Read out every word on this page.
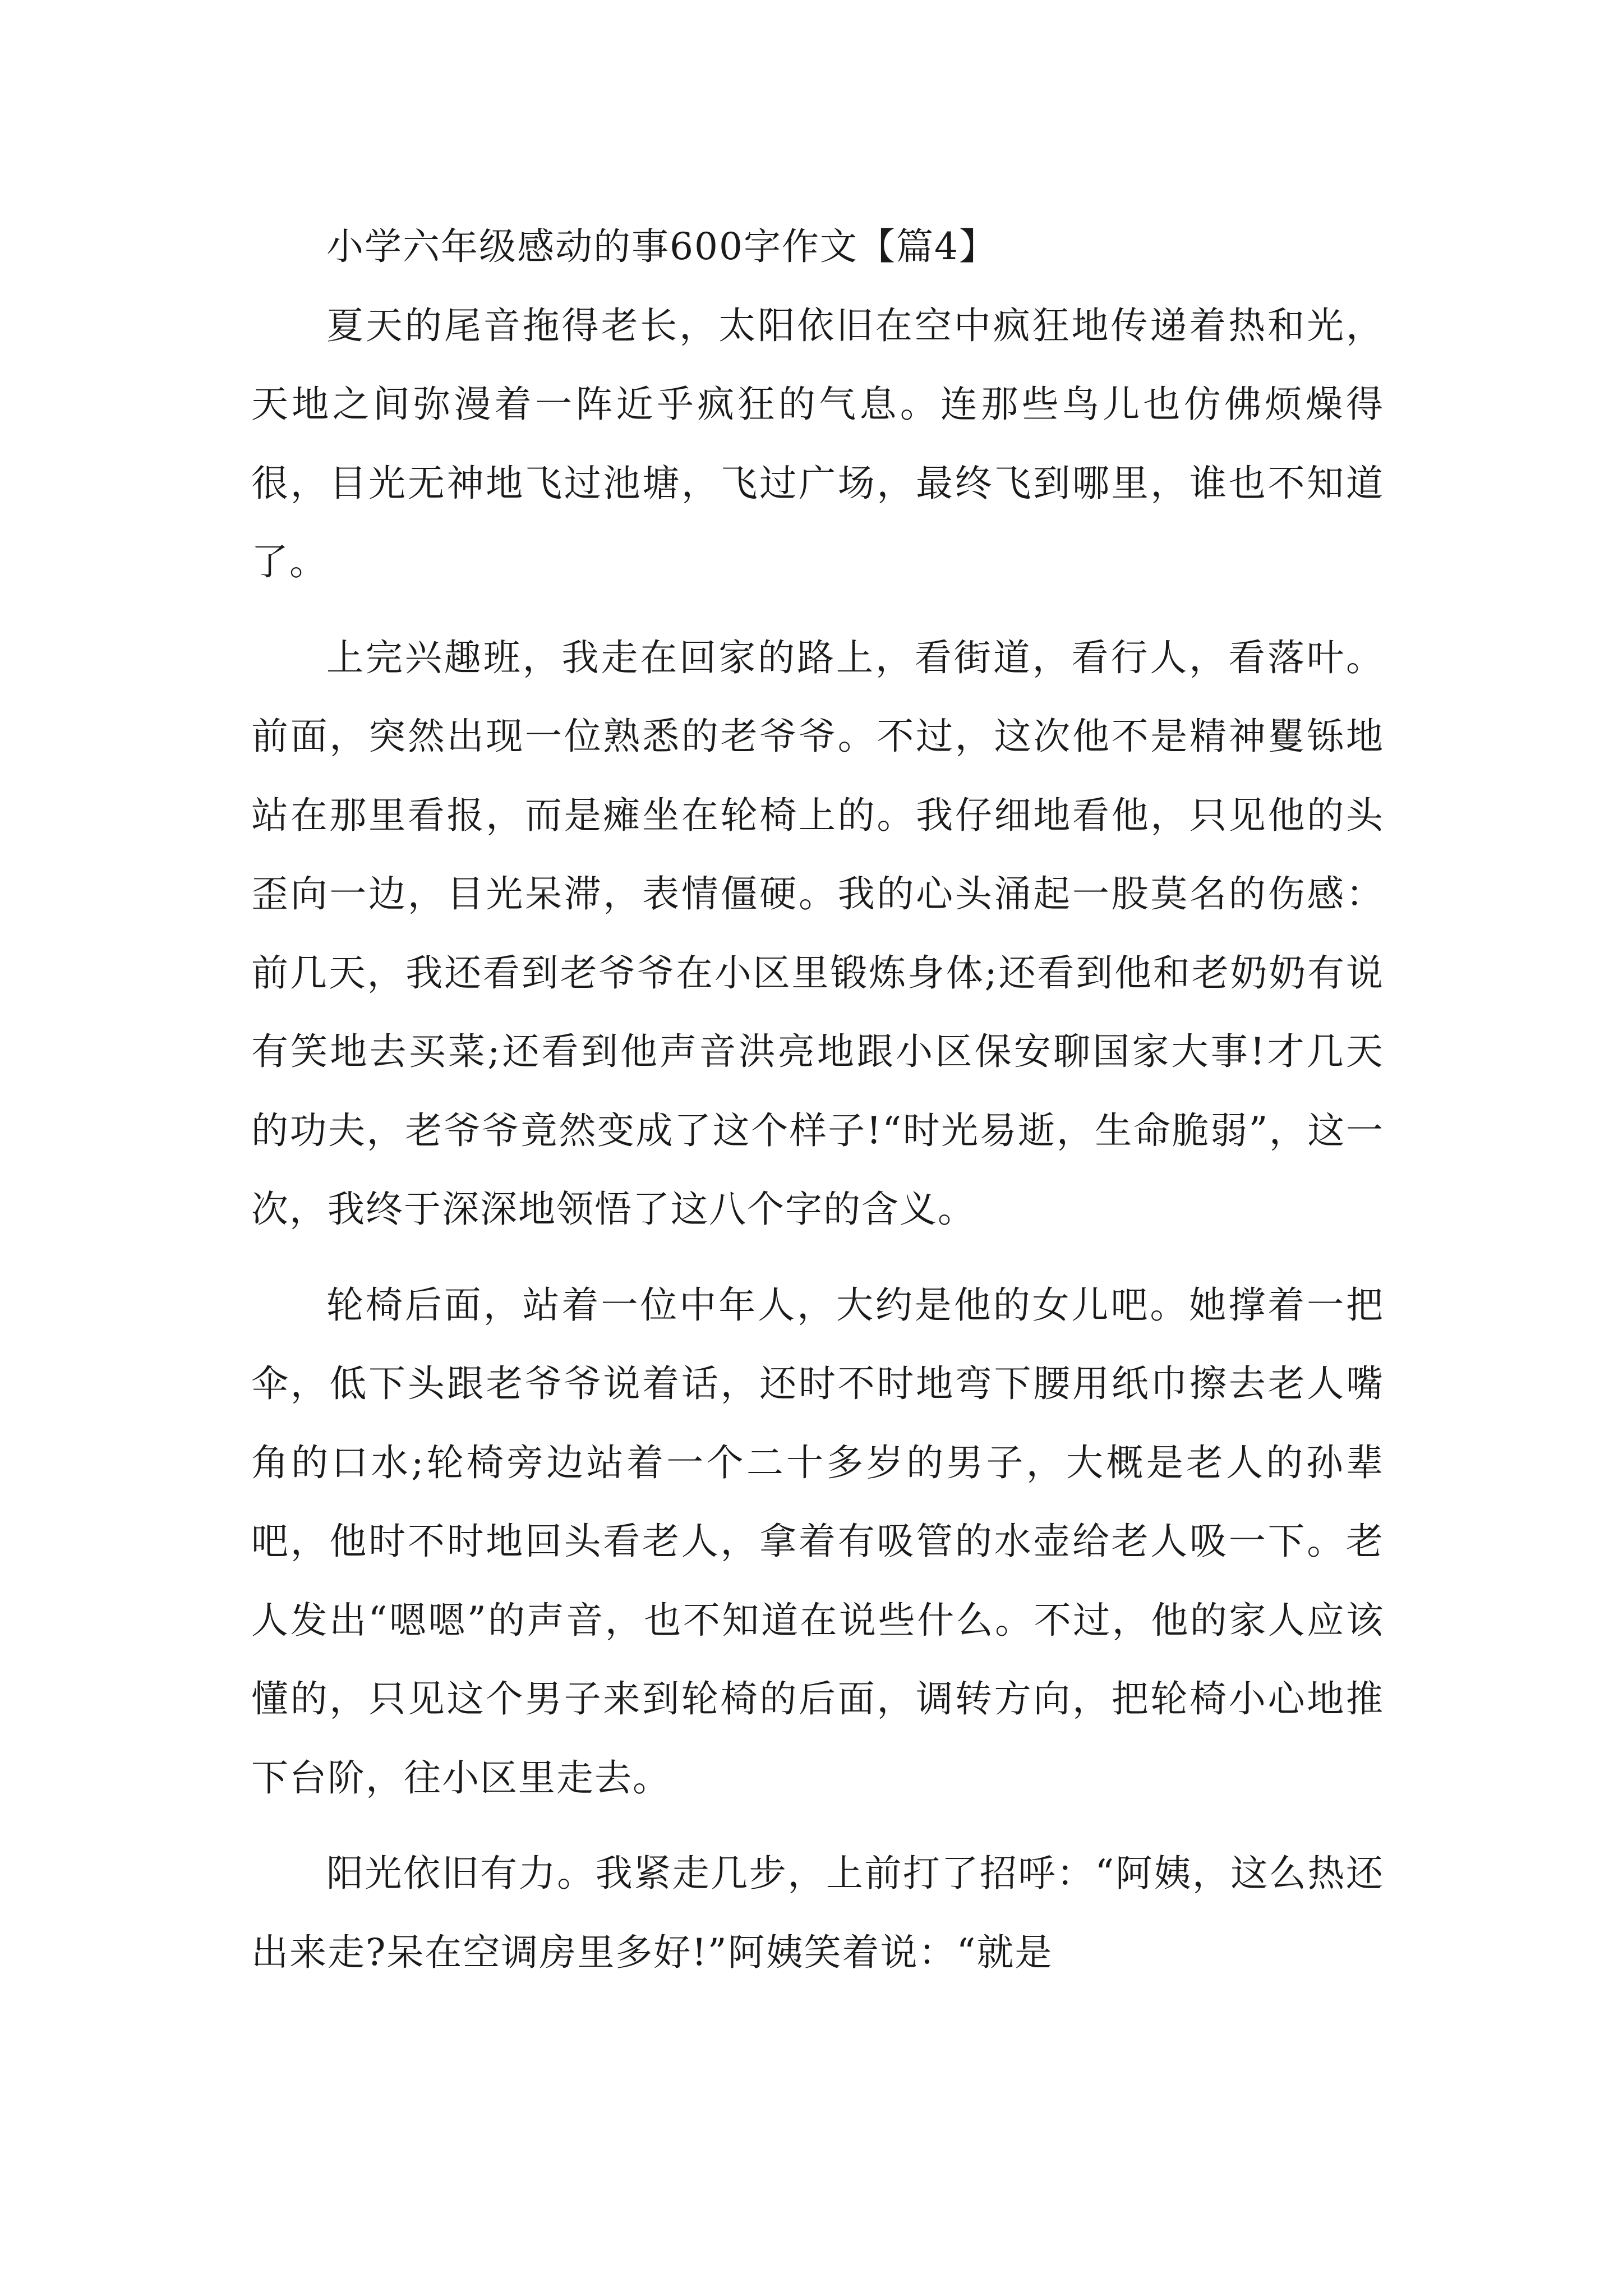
小学六年级感动的事600字作文【篇4】

夏天的尾音拖得老长，太阳依旧在空中疯狂地传递着热和光，天地之间弥漫着一阵近乎疯狂的气息。连那些鸟儿也仿佛烦燥得很，目光无神地飞过池塘，飞过广场，最终飞到哪里，谁也不知道了。

上完兴趣班，我走在回家的路上，看街道，看行人，看落叶。前面，突然出现一位熟悉的老爷爷。不过，这次他不是精神矍铄地站在那里看报，而是瘫坐在轮椅上的。我仔细地看他，只见他的头歪向一边，目光呆滞，表情僵硬。我的心头涌起一股莫名的伤感：前几天，我还看到老爷爷在小区里锻炼身体;还看到他和老奶奶有说有笑地去买菜;还看到他声音洪亮地跟小区保安聊国家大事!才几天的功夫，老爷爷竟然变成了这个样子!“时光易逝，生命脆弱”，这一次，我终于深深地领悟了这八个字的含义。

轮椅后面，站着一位中年人，大约是他的女儿吧。她撑着一把伞，低下头跟老爷爷说着话，还时不时地弯下腰用纸巾擦去老人嘴角的口水;轮椅旁边站着一个二十多岁的男子，大概是老人的孙辈吧，他时不时地回头看老人，拿着有吸管的水壶给老人吸一下。老人发出“嗯嗯”的声音，也不知道在说些什么。不过，他的家人应该懂的，只见这个男子来到轮椅的后面，调转方向，把轮椅小心地推下台阶，往小区里走去。

阳光依旧有力。我紧走几步，上前打了招呼：“阿姨，这么热还出来走?呆在空调房里多好!”阿姨笑着说：“就是
